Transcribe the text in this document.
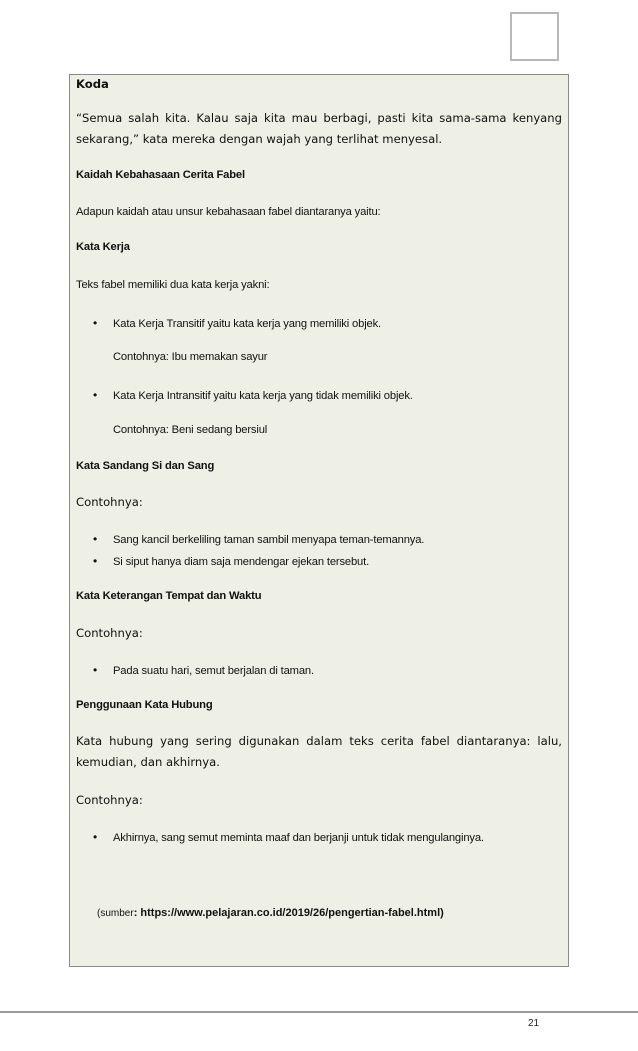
Koda
“Semua salah kita. Kalau saja kita mau berbagi, pasti kita sama-sama kenyang sekarang,” kata mereka dengan wajah yang terlihat menyesal.
Kaidah Kebahasaan Cerita Fabel
Adapun kaidah atau unsur kebahasaan fabel diantaranya yaitu:
Kata Kerja
Teks fabel memiliki dua kata kerja yakni:
• Kata Kerja Transitif yaitu kata kerja yang memiliki objek.
Contohnya: Ibu memakan sayur
• Kata Kerja Intransitif yaitu kata kerja yang tidak memiliki objek.
Contohnya: Beni sedang bersiul
Kata Sandang Si dan Sang
Contohnya:
• Sang kancil berkeliling taman sambil menyapa teman-temannya.
• Si siput hanya diam saja mendengar ejekan tersebut.
Kata Keterangan Tempat dan Waktu
Contohnya:
• Pada suatu hari, semut berjalan di taman.
Penggunaan Kata Hubung
Kata hubung yang sering digunakan dalam teks cerita fabel diantaranya: lalu, kemudian, dan akhirnya.
Contohnya:
• Akhirnya, sang semut meminta maaf dan berjanji untuk tidak mengulanginya.
(sumber: https://www.pelajaran.co.id/2019/26/pengertian-fabel.html)
21
